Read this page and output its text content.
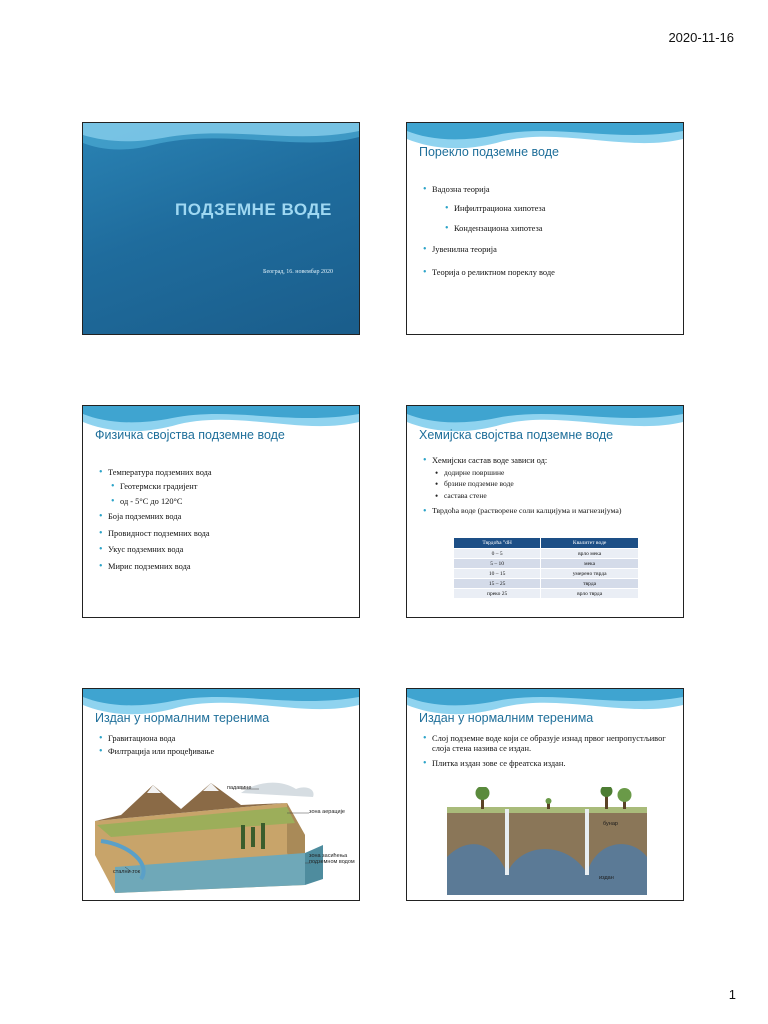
2020-11-16
ПОДЗЕМНЕ ВОДЕ
Београд, 16. новембар 2020
Порекло подземне воде
• Вадозна теорија
• Инфилтрациона хипотеза
• Кондензациона хипотеза
• Јувенилна теорија
• Теорија о реликтном пореклу воде
Физичка својства подземне воде
• Температура подземних вода
• Геотермски градијент
• од - 5°C до 120°C
• Боја подземних вода
• Провидност подземних вода
• Укус подземних вода
• Мирис подземних вода
Хемијска својства подземне воде
• Хемијски састав воде зависи од:
• додирне површине
• брзине подземне воде
• састава стене
• Тврдоћа воде (растворене соли калцијума и магнезијума)
Тврдоћа °dH	Квалитет воде
0 – 5	врло мека
5 – 10	мека
10 – 15	умерено тврда
15 – 25	тврда
преко 25	врло тврда
Издан у нормалним теренима
• Гравитациона вода
• Филтрација или процеђивање
падавине
зона аерације
зона засићења подземном водом
стални ток
Издан у нормалним теренима
• Слој подземне воде који се образује изнад првог непропустљивог слоја стена назива се издан.
• Плитка издан зове се фреатска издан.
бунар
издан
1
